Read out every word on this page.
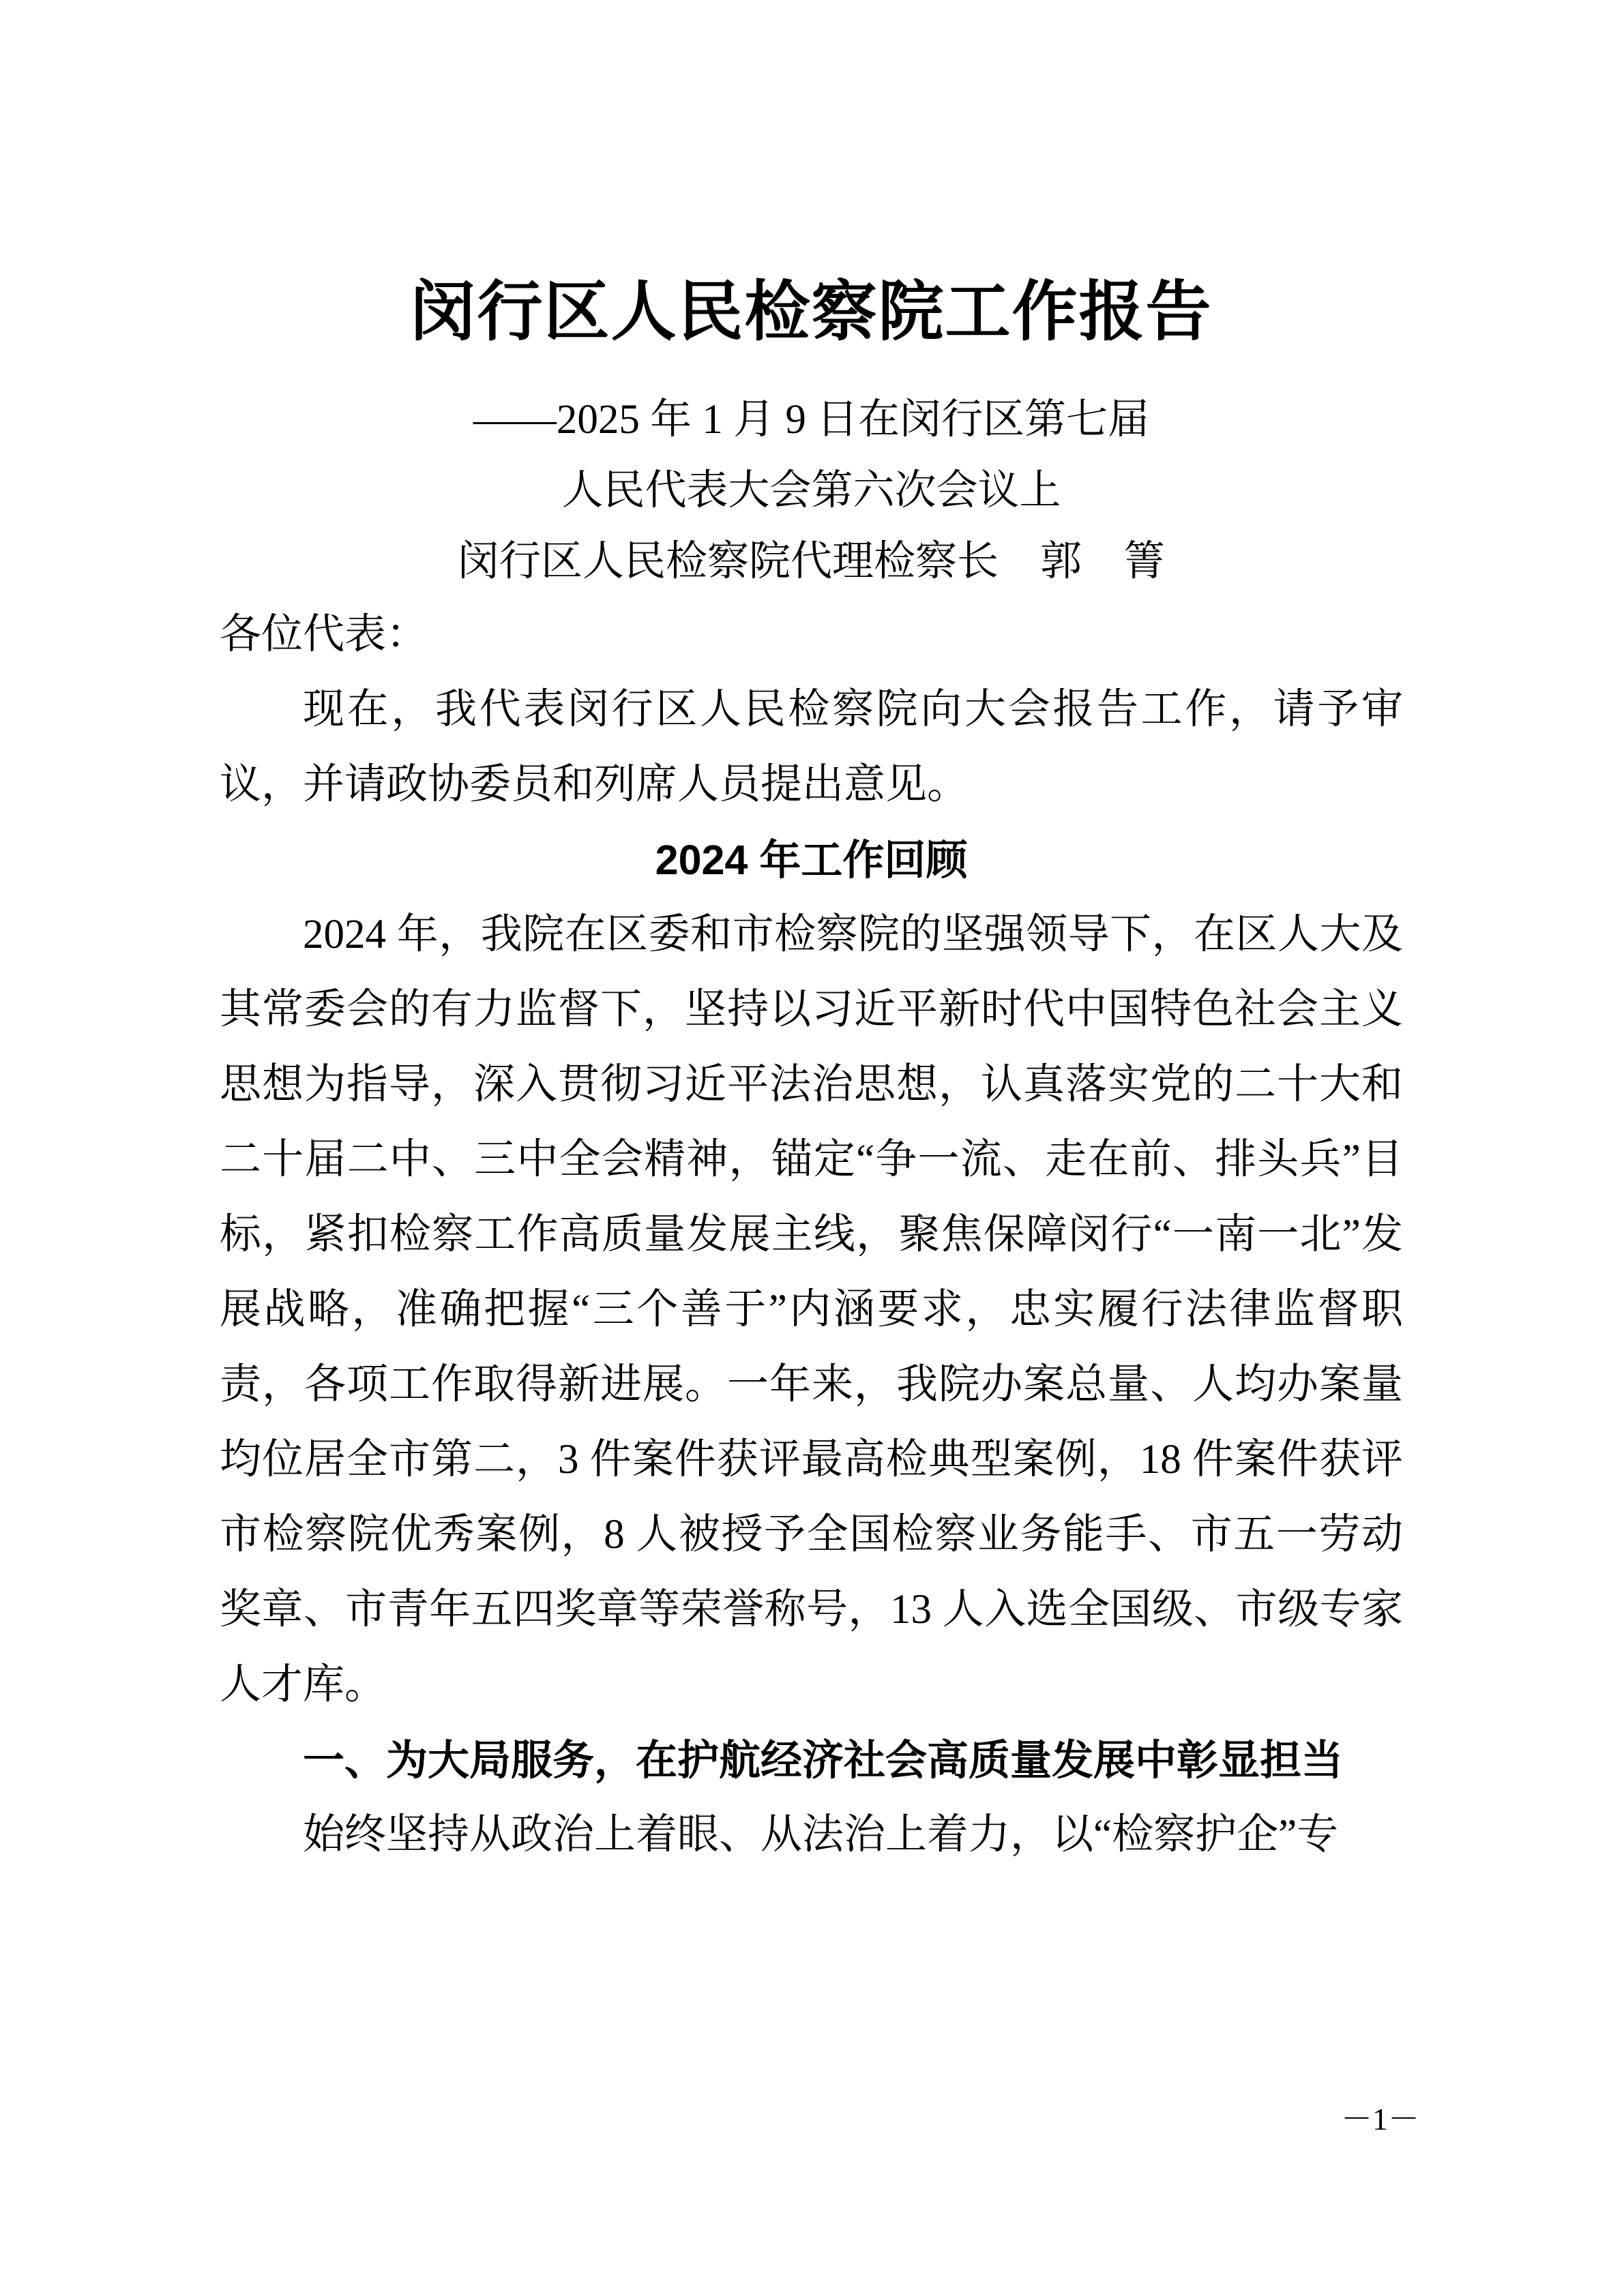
闵行区人民检察院工作报告
——2025 年 1 月 9 日在闵行区第七届
人民代表大会第六次会议上
闵行区人民检察院代理检察长　郭　箐

各位代表：

现在，我代表闵行区人民检察院向大会报告工作，请予审议，并请政协委员和列席人员提出意见。

2024 年工作回顾

2024 年，我院在区委和市检察院的坚强领导下，在区人大及其常委会的有力监督下，坚持以习近平新时代中国特色社会主义思想为指导，深入贯彻习近平法治思想，认真落实党的二十大和二十届二中、三中全会精神，锚定“争一流、走在前、排头兵”目标，紧扣检察工作高质量发展主线，聚焦保障闵行“一南一北”发展战略，准确把握“三个善于”内涵要求，忠实履行法律监督职责，各项工作取得新进展。一年来，我院办案总量、人均办案量均位居全市第二，3 件案件获评最高检典型案例，18 件案件获评市检察院优秀案例，8 人被授予全国检察业务能手、市五一劳动奖章、市青年五四奖章等荣誉称号，13 人入选全国级、市级专家人才库。

一、为大局服务，在护航经济社会高质量发展中彰显担当

始终坚持从政治上着眼、从法治上着力，以“检察护企”专

－1－
